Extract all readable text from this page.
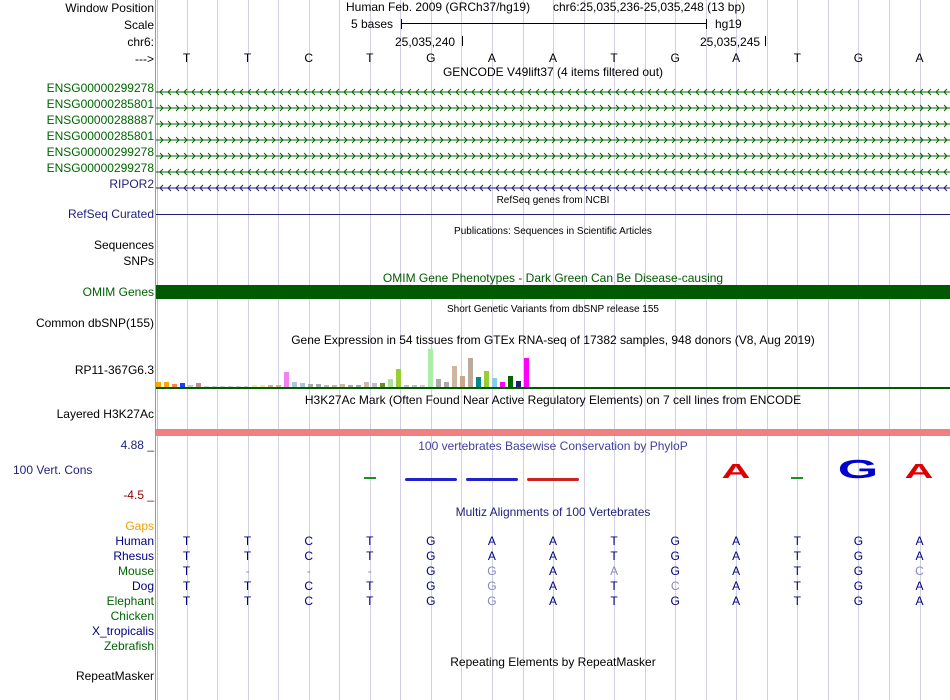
Window Position
Scale
chr6:
--->
Human Feb. 2009 (GRCh37/hg19) chr6:25,035,236-25,035,248 (13 bp)
5 bases	hg19
25,035,240	25,035,245
T	T	C	T	G	A	A	T	G	A	T	G	A
GENCODE V49lift37 (4 items filtered out)
ENSG00000299278
ENSG00000285801
ENSG00000288887
ENSG00000285801
ENSG00000299278
ENSG00000299278
RIPOR2
RefSeq genes from NCBI
RefSeq Curated
Publications: Sequences in Scientific Articles
Sequences
SNPs
OMIM Gene Phenotypes - Dark Green Can Be Disease-causing
OMIM Genes
Short Genetic Variants from dbSNP release 155
Common dbSNP(155)
Gene Expression in 54 tissues from GTEx RNA-seq of 17382 samples, 948 donors (V8, Aug 2019)
RP11-367G6.3
H3K27Ac Mark (Often Found Near Active Regulatory Elements) on 7 cell lines from ENCODE
Layered H3K27Ac
4.88 _	100 vertebrates Basewise Conservation by PhyloP
100 Vert. Cons
-4.5 _
A	G	A
Multiz Alignments of 100 Vertebrates
Gaps
Human	T	T	C	T	G	A	A	T	G	A	T	G	A
Rhesus	T	T	C	T	G	A	A	T	G	A	T	G	A
Mouse	T	-	-	-	G	G	A	A	G	A	T	G	C
Dog	T	T	C	T	G	G	A	T	C	A	T	G	A
Elephant	T	T	C	T	G	G	A	T	G	A	T	G	A
Chicken
X_tropicalis
Zebrafish
Repeating Elements by RepeatMasker
RepeatMasker
